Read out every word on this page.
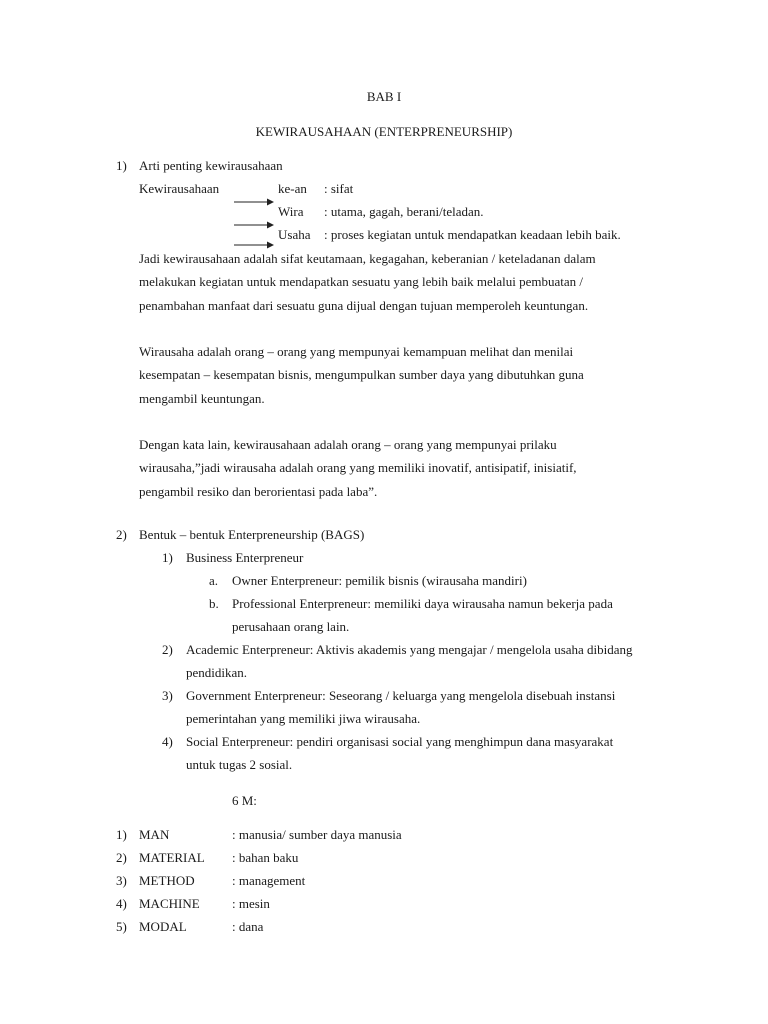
BAB I
KEWIRAUSAHAAN (ENTERPRENEURSHIP)
1) Arti penting kewirausahaan
Kewirausahaan	ke-an : sifat
Wira : utama, gagah, berani/teladan.
Usaha : proses kegiatan untuk mendapatkan keadaan lebih baik.
Jadi kewirausahaan adalah sifat keutamaan, kegagahan, keberanian / keteladanan dalam
melakukan kegiatan untuk mendapatkan sesuatu yang lebih baik melalui pembuatan /
penambahan manfaat dari sesuatu guna dijual dengan tujuan memperoleh keuntungan.
Wirausaha adalah orang – orang yang mempunyai kemampuan melihat dan menilai
kesempatan – kesempatan bisnis, mengumpulkan sumber daya yang dibutuhkan guna
mengambil keuntungan.
Dengan kata lain, kewirausahaan adalah orang – orang yang mempunyai prilaku
wirausaha,”jadi wirausaha adalah orang yang memiliki inovatif, antisipatif, inisiatif,
pengambil resiko dan berorientasi pada laba”.
2) Bentuk – bentuk Enterpreneurship (BAGS)
1) Business Enterpreneur
a. Owner Enterpreneur: pemilik bisnis (wirausaha mandiri)
b. Professional Enterpreneur: memiliki daya wirausaha namun bekerja pada
perusahaan orang lain.
2) Academic Enterpreneur: Aktivis akademis yang mengajar / mengelola usaha dibidang
pendidikan.
3) Government Enterpreneur: Seseorang / keluarga yang mengelola disebuah instansi
pemerintahan yang memiliki jiwa wirausaha.
4) Social Enterpreneur: pendiri organisasi social yang menghimpun dana masyarakat
untuk tugas 2 sosial.
6 M:
1) MAN	: manusia/ sumber daya manusia
2) MATERIAL : bahan baku
3) METHOD	: management
4) MACHINE : mesin
5) MODAL	: dana
